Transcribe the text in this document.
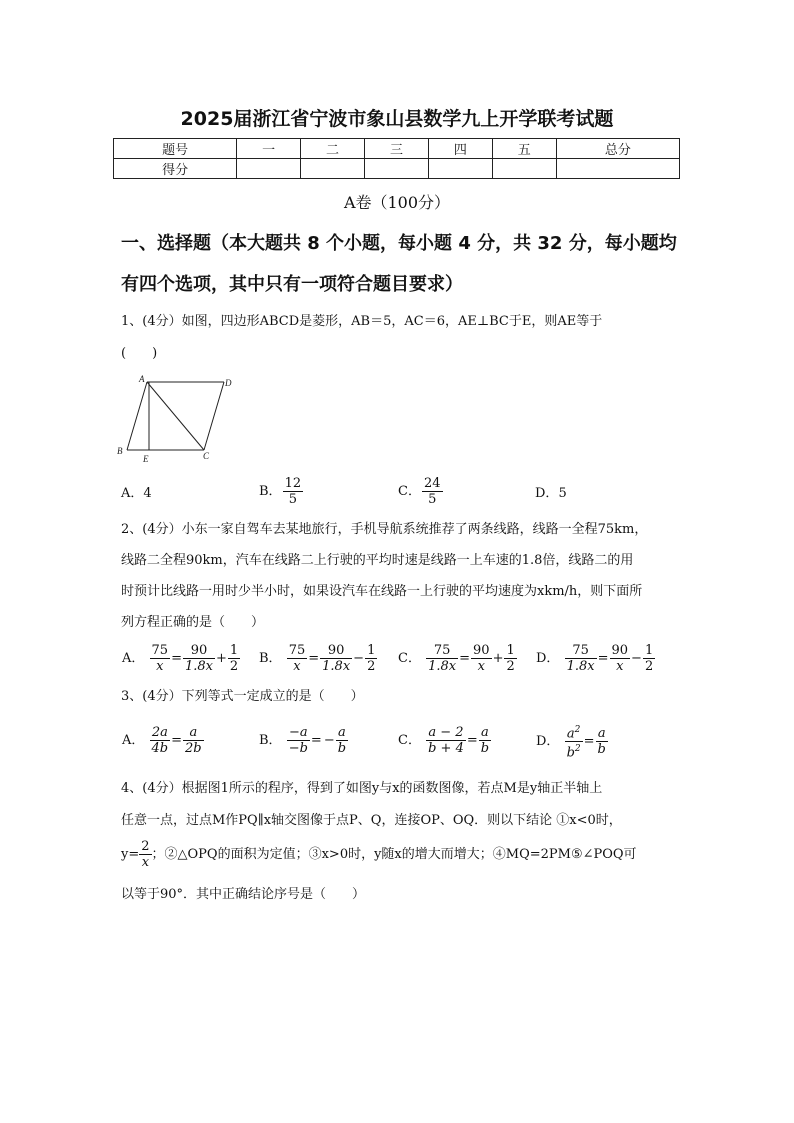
2025届浙江省宁波市象山县数学九上开学联考试题
题号	一	二	三	四	五	总分
得分						
A卷（100分）
一、选择题（本大题共 8 个小题，每小题 4 分，共 32 分，每小题均
有四个选项，其中只有一项符合题目要求）
1、(4分）如图，四边形ABCD是菱形，AB＝5，AC＝6，AE⊥BC于E，则AE等于
(　　)
A	D
B
E	C
A．4	B． $\frac{12}{5}$	C． $\frac{24}{5}$	D．5
2、(4分）小东一家自驾车去某地旅行，手机导航系统推荐了两条线路，线路一全程75km，
线路二全程90km，汽车在线路二上行驶的平均时速是线路一上车速的1.8倍，线路二的用
时预计比线路一用时少半小时，如果设汽车在线路一上行驶的平均速度为xkm/h，则下面所
列方程正确的是（　　）
A． $\frac{75}{x} = \frac{90}{1.8x} + \frac{1}{2}$ B． $\frac{75}{x} = \frac{90}{1.8x} - \frac{1}{2}$ C． $\frac{75}{1.8x} = \frac{90}{x} + \frac{1}{2}$ D． $\frac{75}{1.8x} = \frac{90}{x} - \frac{1}{2}$
3、(4分）下列等式一定成立的是（　　）
A． $\frac{2a}{4b} = \frac{a}{2b}$	B． $\frac{-a}{-b}$ = − $\frac{a}{b}$	C． $\frac{a - 2}{b + 4} = \frac{a}{b}$	D． $\frac{a^2}{b^2} = \frac{a}{b}$
4、(4分）根据图1所示的程序，得到了如图y与x的函数图像，若点M是y轴正半轴上
任意一点，过点M作PQ∥x轴交图像于点P、Q，连接OP、OQ．则以下结论 ①x<0时，
$y= \frac{2}{x}$ ；②△OPQ的面积为定值；③x>0时，y随x的增大而增大；④MQ=2PM⑤∠POQ可
以等于90°．其中正确结论序号是（　　）
